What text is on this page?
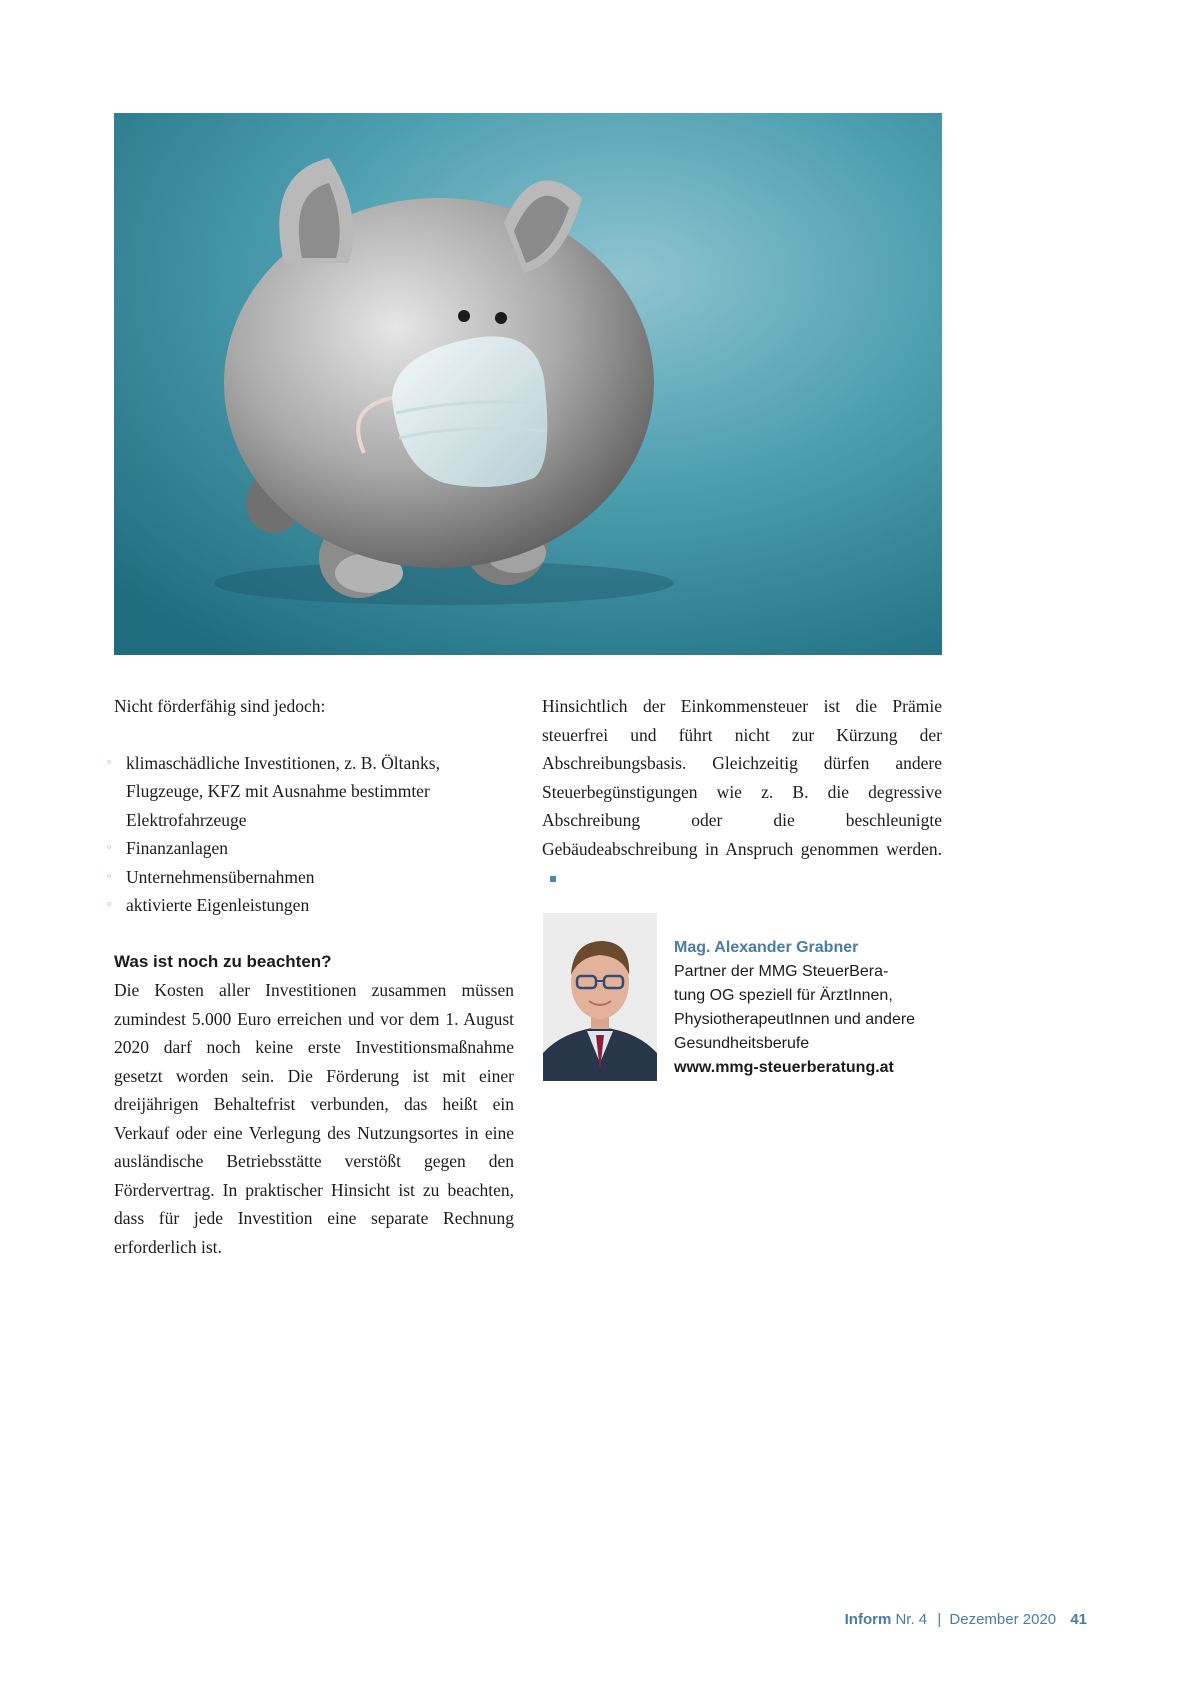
Nicht förderfähig sind jedoch:

◦ klimaschädliche Investitionen, z. B. Öltanks, Flugzeuge, KFZ mit Ausnahme bestimmter Elektrofahrzeuge
◦ Finanzanlagen
◦ Unternehmensübernahmen
◦ aktivierte Eigenleistungen
Was ist noch zu beachten?

Die Kosten aller Investitionen zusammen müssen zumindest 5.000 Euro erreichen und vor dem 1. August 2020 darf noch keine erste Investitionsmaßnahme gesetzt worden sein. Die Förderung ist mit einer dreijährigen Behaltefrist verbunden, das heißt ein Verkauf oder eine Verlegung des Nutzungsortes in eine ausländische Betriebsstätte verstößt gegen den Fördervertrag. In praktischer Hinsicht ist zu beachten, dass für jede Investition eine separate Rechnung erforderlich ist.

Hinsichtlich der Einkommensteuer ist die Prämie steuerfrei und führt nicht zur Kürzung der Abschreibungsbasis. Gleichzeitig dürfen andere Steuerbegünstigungen wie z. B. die degressive Abschreibung oder die beschleunigte Gebäudeabschreibung in Anspruch genommen werden.

Mag. Alexander Grabner

Partner der MMG SteuerBera-
tung OG speziell für ÄrztInnen,
PhysiotherapeutInnen und andere
Gesundheitsberufe
www.mmg-steuerberatung.at
Inform Nr. 4 | Dezember 2020 41
